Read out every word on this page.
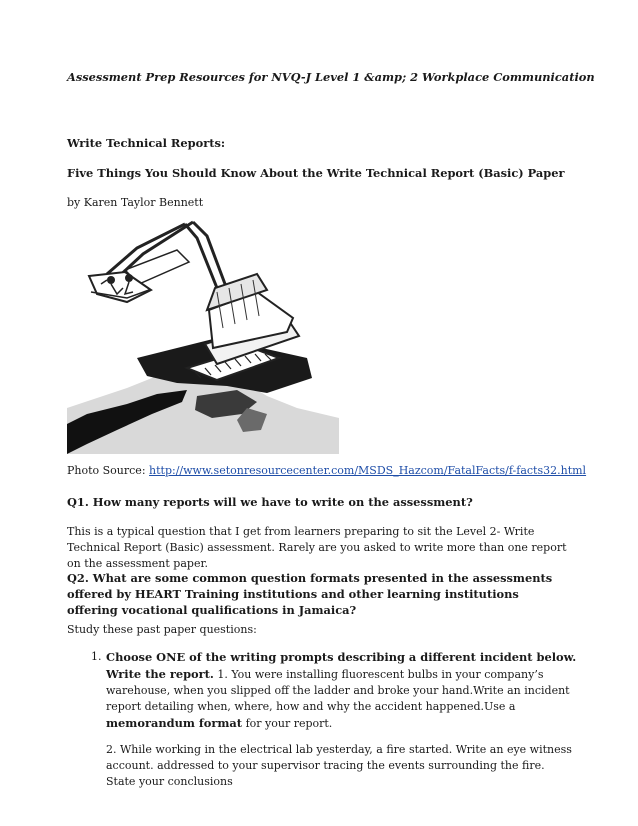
Assessment Prep Resources for NVQ-J Level 1 &amp; 2 Workplace Communication

Write Technical Reports:

Five Things You Should Know About the Write Technical Report (Basic) Paper

by Karen Taylor Bennett

Photo Source: http://www.setonresourcecenter.com/MSDS_Hazcom/FatalFacts/f-facts32.html

Q1. How many reports will we have to write on the assessment?

This is a typical question that I get from learners preparing to sit the Level 2- Write Technical Report (Basic) assessment. Rarely are you asked to write more than one report on the assessment paper.

Q2. What are some common question formats presented in the assessments offered by HEART Training institutions and other learning institutions offering vocational qualifications in Jamaica?

Study these past paper questions:

1. Choose ONE of the writing prompts describing a different incident below. Write the report. 1. You were installing fluorescent bulbs in your company’s warehouse, when you slipped off the ladder and broke your hand.Write an incident report detailing when, where, how and why the accident happened.Use a memorandum format for your report.

2. While working in the electrical lab yesterday, a fire started. Write an eye witness account. addressed to your supervisor tracing the events surrounding the fire. State your conclusions
